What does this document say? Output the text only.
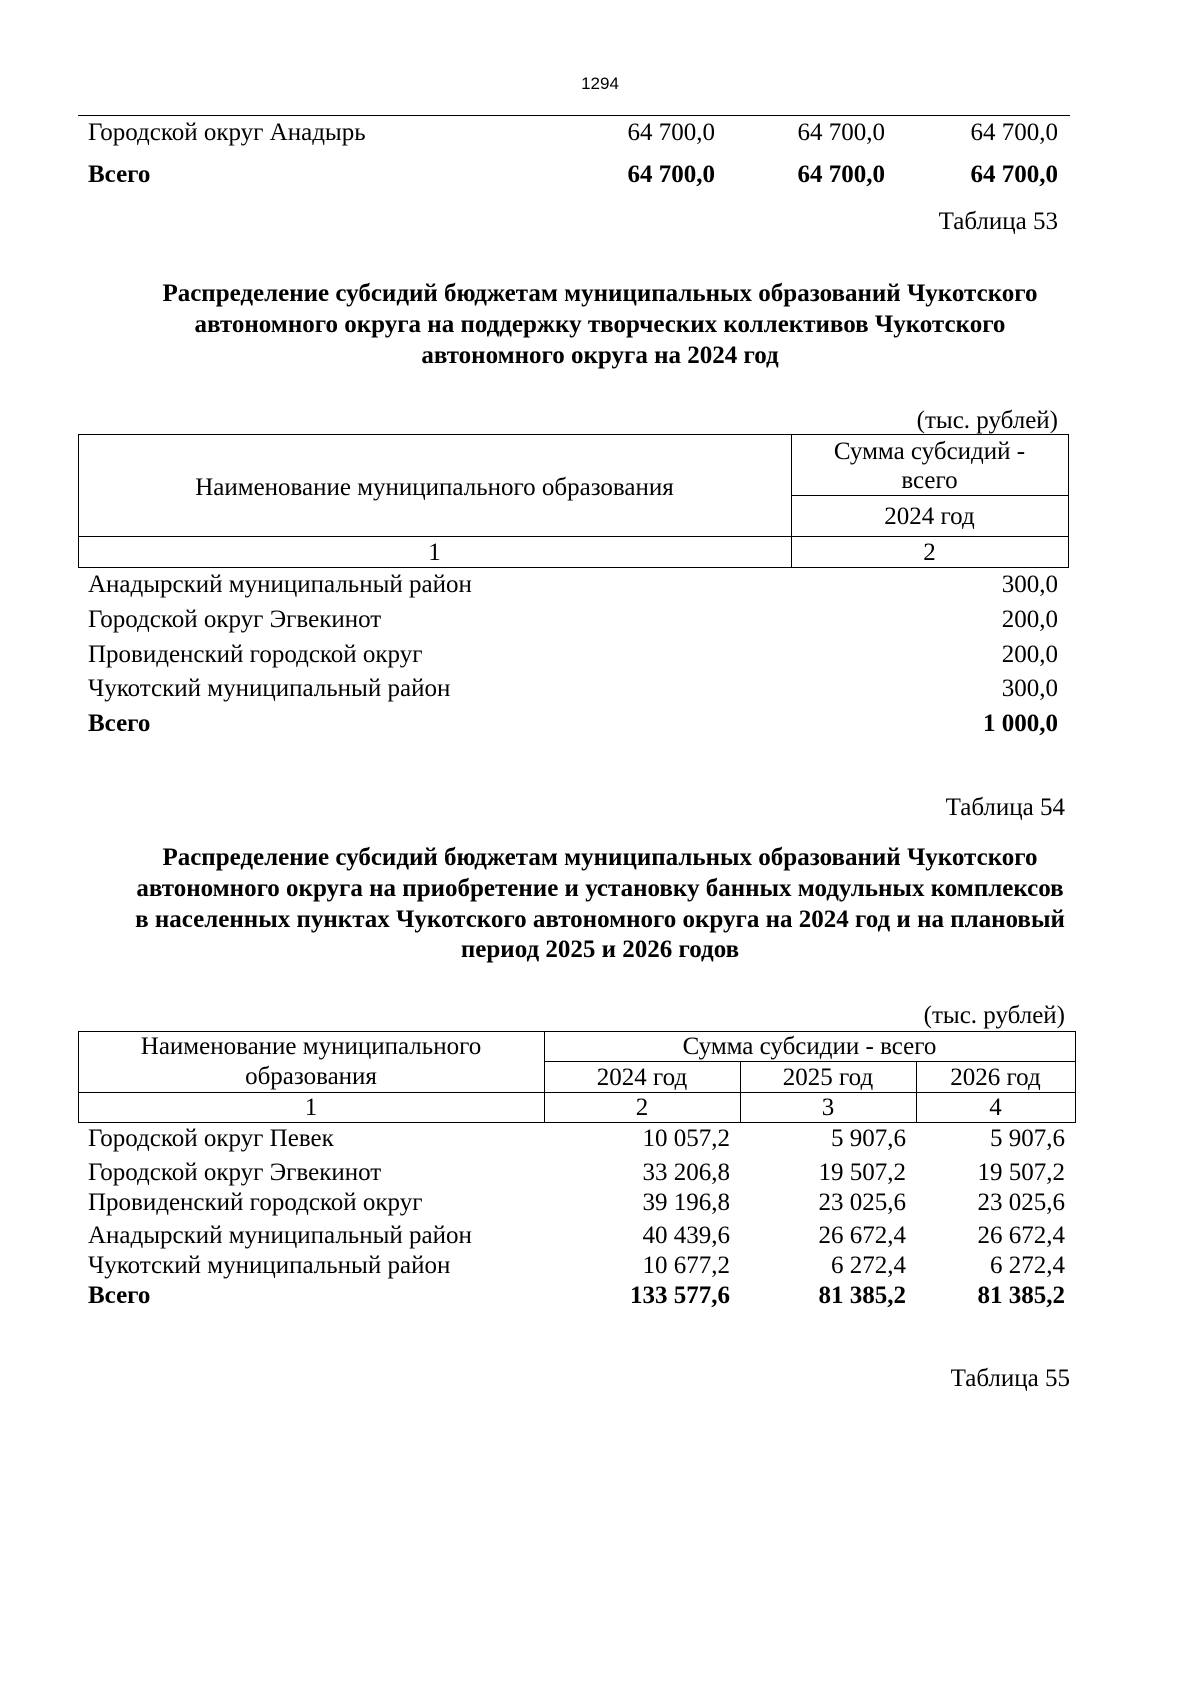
1294
Городской округ Анадырь	64 700,0	64 700,0	64 700,0
Всего	64 700,0	64 700,0	64 700,0
Таблица 53
Распределение субсидий бюджетам муниципальных образований Чукотского
автономного округа на поддержку творческих коллективов Чукотского
автономного округа на 2024 год
(тыс. рублей)
Наименование муниципального образования
Сумма субсидий -
всего
2024 год
1	2
Анадырский муниципальный район	300,0
Городской округ Эгвекинот	200,0
Провиденский городской округ	200,0
Чукотский муниципальный район	300,0
Всего	1 000,0
Таблица 54
Распределение субсидий бюджетам муниципальных образований Чукотского
автономного округа на приобретение и установку банных модульных комплексов
в населенных пунктах Чукотского автономного округа на 2024 год и на плановый
период 2025 и 2026 годов
(тыс. рублей)
Наименование муниципального
образования
Сумма субсидии - всего
2024 год	2025 год	2026 год
1	2	3	4
Городской округ Певек	10 057,2	5 907,6	5 907,6
Городской округ Эгвекинот	33 206,8	19 507,2	19 507,2
Провиденский городской округ	39 196,8	23 025,6	23 025,6
Анадырский муниципальный район	40 439,6	26 672,4	26 672,4
Чукотский муниципальный район	10 677,2	6 272,4	6 272,4
Всего	133 577,6	81 385,2	81 385,2
Таблица 55
